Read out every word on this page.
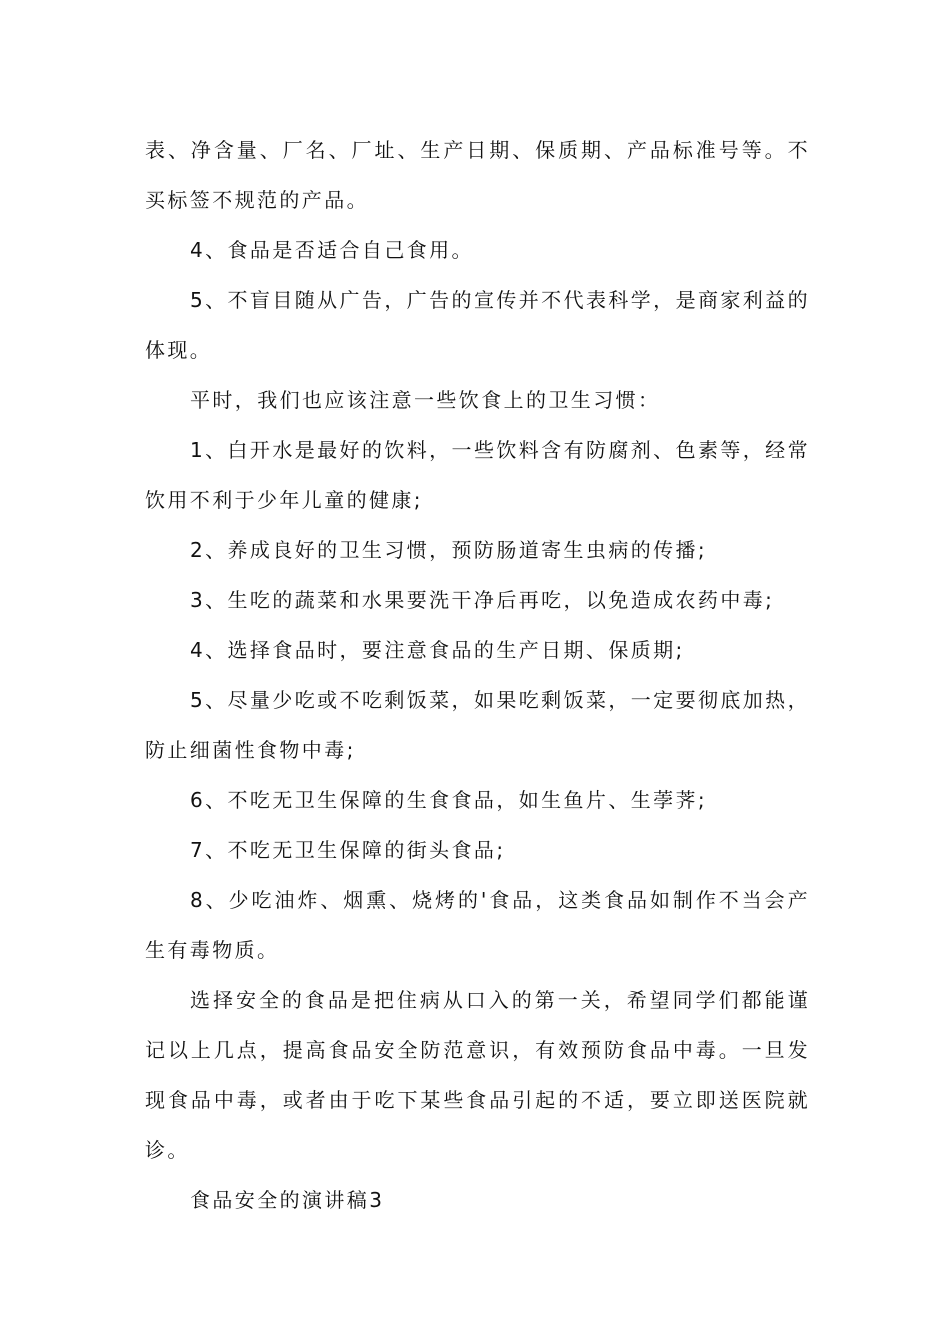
表、净含量、厂名、厂址、生产日期、保质期、产品标准号等。不买标签不规范的产品。

4、食品是否适合自己食用。

5、不盲目随从广告，广告的宣传并不代表科学，是商家利益的体现。

平时，我们也应该注意一些饮食上的卫生习惯：

1、白开水是最好的饮料，一些饮料含有防腐剂、色素等，经常饮用不利于少年儿童的健康;

2、养成良好的卫生习惯，预防肠道寄生虫病的传播;

3、生吃的蔬菜和水果要洗干净后再吃，以免造成农药中毒;

4、选择食品时，要注意食品的生产日期、保质期;

5、尽量少吃或不吃剩饭菜，如果吃剩饭菜，一定要彻底加热，防止细菌性食物中毒;

6、不吃无卫生保障的生食食品，如生鱼片、生荸荠;

7、不吃无卫生保障的街头食品;

8、少吃油炸、烟熏、烧烤的'食品，这类食品如制作不当会产生有毒物质。

选择安全的食品是把住病从口入的第一关，希望同学们都能谨记以上几点，提高食品安全防范意识，有效预防食品中毒。一旦发现食品中毒，或者由于吃下某些食品引起的不适，要立即送医院就诊。

食品安全的演讲稿3
